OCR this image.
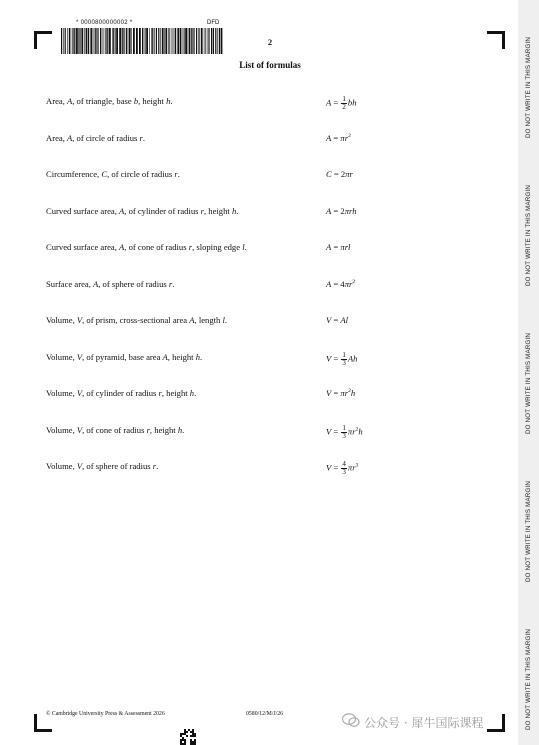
DO NOT WRITE IN THIS MARGIN
DO NOT WRITE IN THIS MARGIN
DO NOT WRITE IN THIS MARGIN
DO NOT WRITE IN THIS MARGIN
DO NOT WRITE IN THIS MARGIN
* 0000800000002 *	DFD
2
List of formulas
Area, A, of triangle, base b, height h.	$A = \frac{1}{2}$ bh
Area, A, of circle of radius r.	$A = \pi r^2$
Circumference, C, of circle of radius r.	C = 2πr
Curved surface area, A, of cylinder of radius r, height h.	A = 2πrh
Curved surface area, A, of cone of radius r, sloping edge l.	A = πrl
Surface area, A, of sphere of radius r.	$A = 4\pi r^2$
Volume, V, of prism, cross-sectional area A, length l.	V = Al
Volume, V, of pyramid, base area A, height h.	$V = \frac{1}{3}$ Ah
Volume, V, of cylinder of radius r, height h.	$V = \pi r^2h$
Volume, V, of cone of radius r, height h.	$V = \frac{1}{3} \pi r^2h$
Volume, V, of sphere of radius r.	$V = \frac{4}{3} \pi r^3$
© Cambridge University Press & Assessment 2026	0580/12/M/J/26
公众号 · 犀牛国际课程
